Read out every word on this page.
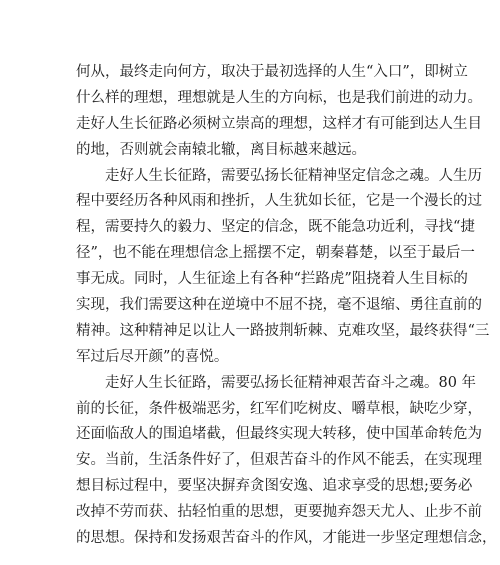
何从，最终走向何方，取决于最初选择的人生“入口”，即树立
什么样的理想，理想就是人生的方向标，也是我们前进的动力。
走好人生长征路必须树立崇高的理想，这样才有可能到达人生目
的地，否则就会南辕北辙，离目标越来越远。
　　走好人生长征路，需要弘扬长征精神坚定信念之魂。人生历
程中要经历各种风雨和挫折，人生犹如长征，它是一个漫长的过
程，需要持久的毅力、坚定的信念，既不能急功近利，寻找“捷
径”，也不能在理想信念上摇摆不定，朝秦暮楚，以至于最后一
事无成。同时，人生征途上有各种“拦路虎”阻挠着人生目标的
实现，我们需要这种在逆境中不屈不挠，毫不退缩、勇往直前的
精神。这种精神足以让人一路披荆斩棘、克难攻坚，最终获得“三
军过后尽开颜”的喜悦。
　　走好人生长征路，需要弘扬长征精神艰苦奋斗之魂。80 年
前的长征，条件极端恶劣，红军们吃树皮、嚼草根，缺吃少穿，
还面临敌人的围追堵截，但最终实现大转移，使中国革命转危为
安。当前，生活条件好了，但艰苦奋斗的作风不能丢，在实现理
想目标过程中，要坚决摒弃贪图安逸、追求享受的思想;要务必
改掉不劳而获、拈轻怕重的思想，更要抛弃怨天尤人、止步不前
的思想。保持和发扬艰苦奋斗的作风，才能进一步坚定理想信念，
